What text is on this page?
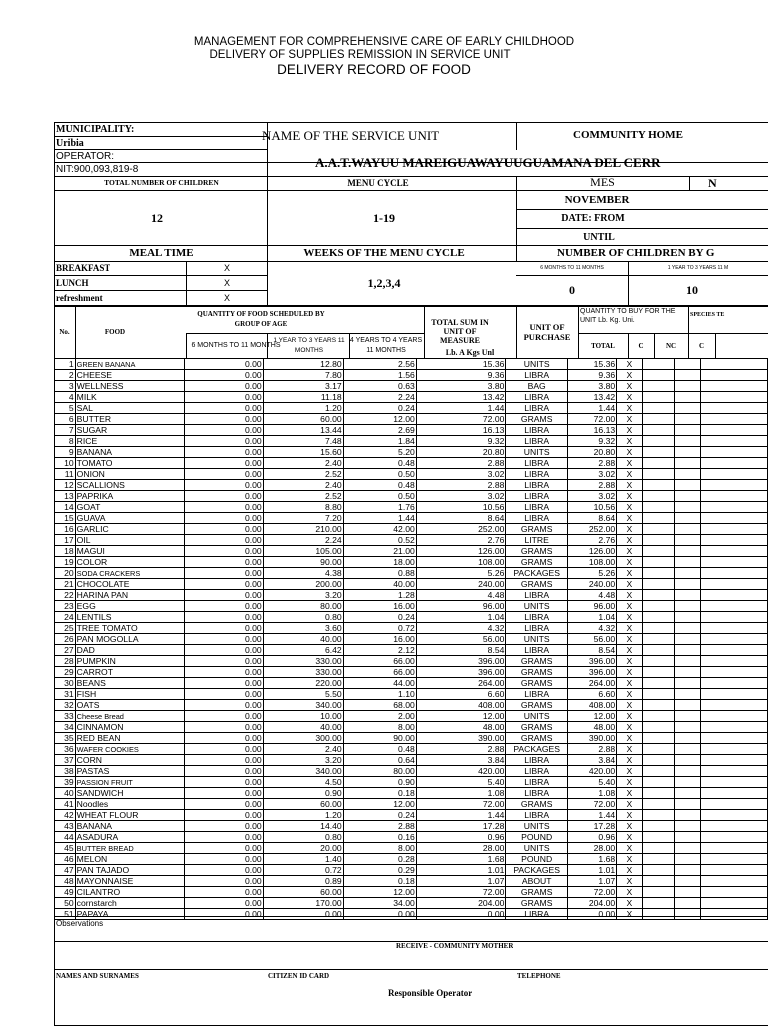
MANAGEMENT FOR COMPREHENSIVE CARE OF EARLY CHILDHOOD
DELIVERY OF SUPPLIES REMISSION IN SERVICE UNIT
DELIVERY RECORD OF FOOD
MUNICIPALITY:
Uribia
OPERATOR:
NIT:900,093,819-8
NAME OF THE SERVICE UNIT	COMMUNITY HOME
A.A.T.WAYUU MAREIGUAWAYUUGUAMANA DEL CERR
TOTAL NUMBER OF CHILDREN	MENU CYCLE	MES	N
12	1-19
NOVEMBER
DATE: FROM
UNTIL
MEAL TIME	WEEKS OF THE MENU CYCLE	NUMBER OF CHILDREN BY G
BREAKFAST	X
LUNCH	X
refreshment	X
1,2,3,4
6 MONTHS TO 11 MONTHS	1 YEAR TO 3 YEARS 11 M
0	10
No.	FOOD
QUANTITY OF FOOD SCHEDULED BY GROUP OF AGE
6 MONTHS TO 11 MONTHS
1 YEAR TO 3 YEARS 11 MONTHS
4 YEARS TO 4 YEARS 11 MONTHS
TOTAL SUM IN UNIT OF MEASURE
Lb. A Kgs Unl
UNIT OF PURCHASE
QUANTITY TO BUY FOR THE UNIT Lb. Kg. Uni.
TOTAL	C	NC	C
SPECIES TE
1	GREEN BANANA	0.00	12.80	2.56	15.36	UNITS	15.36	X			
2	CHEESE	0.00	7.80	1.56	9.36	LIBRA	9.36	X			
3	WELLNESS	0.00	3.17	0.63	3.80	BAG	3.80	X			
4	MILK	0.00	11.18	2.24	13.42	LIBRA	13.42	X			
5	SAL	0.00	1.20	0.24	1.44	LIBRA	1.44	X			
6	BUTTER	0.00	60.00	12.00	72.00	GRAMS	72.00	X			
7	SUGAR	0.00	13.44	2.69	16.13	LIBRA	16.13	X			
8	RICE	0.00	7.48	1.84	9.32	LIBRA	9.32	X			
9	BANANA	0.00	15.60	5.20	20.80	UNITS	20.80	X			
10	TOMATO	0.00	2.40	0.48	2.88	LIBRA	2.88	X			
11	ONION	0.00	2.52	0.50	3.02	LIBRA	3.02	X			
12	SCALLIONS	0.00	2.40	0.48	2.88	LIBRA	2.88	X			
13	PAPRIKA	0.00	2.52	0.50	3.02	LIBRA	3.02	X			
14	GOAT	0.00	8.80	1.76	10.56	LIBRA	10.56	X			
15	GUAVA	0.00	7.20	1.44	8.64	LIBRA	8.64	X			
16	GARLIC	0.00	210.00	42.00	252.00	GRAMS	252.00	X			
17	OIL	0.00	2.24	0.52	2.76	LITRE	2.76	X			
18	MAGUI	0.00	105.00	21.00	126.00	GRAMS	126.00	X			
19	COLOR	0.00	90.00	18.00	108.00	GRAMS	108.00	X			
20	SODA CRACKERS	0.00	4.38	0.88	5.26	PACKAGES	5.26	X			
21	CHOCOLATE	0.00	200.00	40.00	240.00	GRAMS	240.00	X			
22	HARINA PAN	0.00	3.20	1.28	4.48	LIBRA	4.48	X			
23	EGG	0.00	80.00	16.00	96.00	UNITS	96.00	X			
24	LENTILS	0.00	0.80	0.24	1.04	LIBRA	1.04	X			
25	TREE TOMATO	0.00	3.60	0.72	4.32	LIBRA	4.32	X			
26	PAN MOGOLLA	0.00	40.00	16.00	56.00	UNITS	56.00	X			
27	DAD	0.00	6.42	2.12	8.54	LIBRA	8.54	X			
28	PUMPKIN	0.00	330.00	66.00	396.00	GRAMS	396.00	X			
29	CARROT	0.00	330.00	66.00	396.00	GRAMS	396.00	X			
30	BEANS	0.00	220.00	44.00	264.00	GRAMS	264.00	X			
31	FISH	0.00	5.50	1.10	6.60	LIBRA	6.60	X			
32	OATS	0.00	340.00	68.00	408.00	GRAMS	408.00	X			
33	Cheese Bread	0.00	10.00	2.00	12.00	UNITS	12.00	X			
34	CINNAMON	0.00	40.00	8.00	48.00	GRAMS	48.00	X			
35	RED BEAN	0.00	300.00	90.00	390.00	GRAMS	390.00	X			
36	WAFER COOKIES	0.00	2.40	0.48	2.88	PACKAGES	2.88	X			
37	CORN	0.00	3.20	0.64	3.84	LIBRA	3.84	X			
38	PASTAS	0.00	340.00	80.00	420.00	LIBRA	420.00	X			
39	PASSION FRUIT	0.00	4.50	0.90	5.40	LIBRA	5.40	X			
40	SANDWICH	0.00	0.90	0.18	1.08	LIBRA	1.08	X			
41	Noodles	0.00	60.00	12.00	72.00	GRAMS	72.00	X			
42	WHEAT FLOUR	0.00	1.20	0.24	1.44	LIBRA	1.44	X			
43	BANANA	0.00	14.40	2.88	17.28	UNITS	17.28	X			
44	ASADURA	0.00	0.80	0.16	0.96	POUND	0.96	X			
45	BUTTER BREAD	0.00	20.00	8.00	28.00	UNITS	28.00	X			
46	MELON	0.00	1.40	0.28	1.68	POUND	1.68	X			
47	PAN TAJADO	0.00	0.72	0.29	1.01	PACKAGES	1.01	X			
48	MAYONNAISE	0.00	0.89	0.18	1.07	ABOUT	1.07	X			
49	CILANTRO	0.00	60.00	12.00	72.00	GRAMS	72.00	X			
50	cornstarch	0.00	170.00	34.00	204.00	GRAMS	204.00	X			
51	PAPAYA	0.00	0.00	0.00	0.00	LIBRA	0.00	X			
Observations
RECEIVE - COMMUNITY MOTHER
NAMES AND SURNAMES	CITIZEN ID CARD	TELEPHONE
Responsible Operator
